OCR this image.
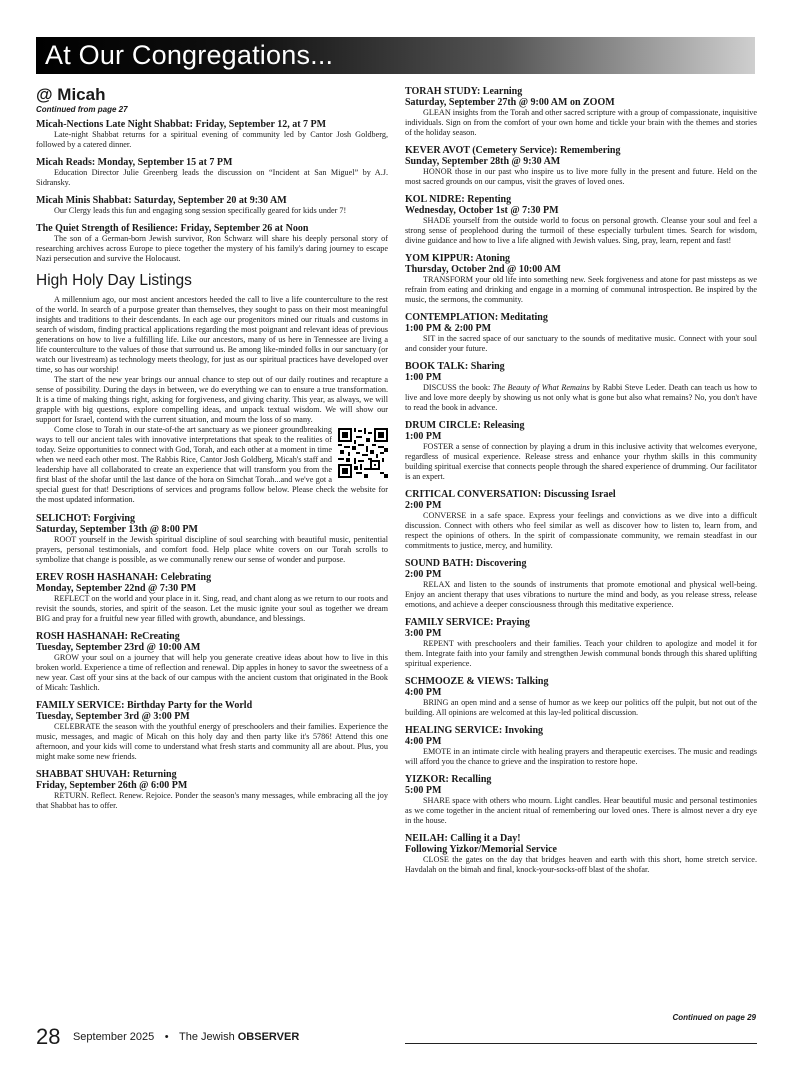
At Our Congregations...
@ Micah

Continued from page 27

Micah-Nections Late Night Shabbat: Friday, September 12, at 7 PM

Late-night Shabbat returns for a spiritual evening of community led by Cantor Josh Goldberg, followed by a catered dinner.

Micah Reads: Monday, September 15 at 7 PM

Education Director Julie Greenberg leads the discussion on “Incident at San Miguel” by A.J. Sidransky.

Micah Minis Shabbat: Saturday, September 20 at 9:30 AM

Our Clergy leads this fun and engaging song session specifically geared for kids under 7!

The Quiet Strength of Resilience: Friday, September 26 at Noon

The son of a German-born Jewish survivor, Ron Schwarz will share his deeply personal story of researching archives across Europe to piece together the mystery of his family's daring journey to escape Nazi persecution and survive the Holocaust.

High Holy Day Listings

A millennium ago, our most ancient ancestors heeded the call to live a life counterculture to the rest of the world. In search of a purpose greater than themselves, they sought to pass on their most meaningful insights and traditions to their descendants. In each age our progenitors mined our rituals and customs in search of wisdom, finding practical applications regarding the most poignant and relevant ideas of previous generations on how to live a fulfilling life. Like our ancestors, many of us here in Tennessee are living a life counterculture to the values of those that surround us. Be among like-minded folks in our sanctuary (or watch our livestream) as technology meets theology, for just as our spiritual practices have developed over time, so has our worship!

The start of the new year brings our annual chance to step out of our daily routines and recapture a sense of possibility. During the days in between, we do everything we can to ensure a true transformation. It is a time of making things right, asking for forgiveness, and giving charity. This year, as always, we will grapple with big questions, explore compelling ideas, and unpack textual wisdom. We will show our support for Israel, contend with the current situation, and mourn the loss of so many.

Come close to Torah in our state-of-the art sanctuary as we pioneer groundbreaking ways to tell our ancient tales with innovative interpretations that speak to the realities of today. Seize opportunities to connect with God, Torah, and each other at a moment in time when we need each other most. The Rabbis Rice, Cantor Josh Goldberg, Micah's staff and leadership have all collaborated to create an experience that will transform you from the first blast of the shofar until the last dance of the hora on Simchat Torah...and we've got a special guest for that! Descriptions of services and programs follow below. Please check the website for the most updated information.

SELICHOT: Forgiving

Saturday, September 13th @ 8:00 PM

ROOT yourself in the Jewish spiritual discipline of soul searching with beautiful music, penitential prayers, personal testimonials, and comfort food. Help place white covers on our Torah scrolls to symbolize that change is possible, as we communally renew our sense of wonder and purpose.

EREV ROSH HASHANAH: Celebrating

Monday, September 22nd @ 7:30 PM

REFLECT on the world and your place in it. Sing, read, and chant along as we return to our roots and revisit the sounds, stories, and spirit of the season. Let the music ignite your soul as together we dream BIG and pray for a fruitful new year filled with growth, abundance, and blessings.

ROSH HASHANAH: ReCreating

Tuesday, September 23rd @ 10:00 AM

GROW your soul on a journey that will help you generate creative ideas about how to live in this broken world. Experience a time of reflection and renewal. Dip apples in honey to savor the sweetness of a new year. Cast off your sins at the back of our campus with the ancient custom that originated in the Book of Micah: Tashlich.

FAMILY SERVICE: Birthday Party for the World

Tuesday, September 3rd @ 3:00 PM

CELEBRATE the season with the youthful energy of preschoolers and their families. Experience the music, messages, and magic of Micah on this holy day and then party like it's 5786! Attend this one afternoon, and your kids will come to understand what fresh starts and community all are about. Plus, you might make some new friends.

SHABBAT SHUVAH: Returning

Friday, September 26th @ 6:00 PM

RETURN. Reflect. Renew. Rejoice. Ponder the season's many messages, while embracing all the joy that Shabbat has to offer.

TORAH STUDY: Learning

Saturday, September 27th @ 9:00 AM on ZOOM

GLEAN insights from the Torah and other sacred scripture with a group of compassionate, inquisitive individuals. Sign on from the comfort of your own home and tickle your brain with the themes and stories of the holiday season.

KEVER AVOT (Cemetery Service): Remembering

Sunday, September 28th @ 9:30 AM

HONOR those in our past who inspire us to live more fully in the present and future. Held on the most sacred grounds on our campus, visit the graves of loved ones.

KOL NIDRE: Repenting

Wednesday, October 1st @ 7:30 PM

SHADE yourself from the outside world to focus on personal growth. Cleanse your soul and feel a strong sense of peoplehood during the turmoil of these especially turbulent times. Search for wisdom, divine guidance and how to live a life aligned with Jewish values. Sing, pray, learn, repent and fast!

YOM KIPPUR: Atoning

Thursday, October 2nd @ 10:00 AM

TRANSFORM your old life into something new. Seek forgiveness and atone for past missteps as we refrain from eating and drinking and engage in a morning of communal introspection. Be inspired by the music, the sermons, the community.

CONTEMPLATION: Meditating

1:00 PM & 2:00 PM

SIT in the sacred space of our sanctuary to the sounds of meditative music. Connect with your soul and consider your future.

BOOK TALK: Sharing

1:00 PM

DISCUSS the book: The Beauty of What Remains by Rabbi Steve Leder. Death can teach us how to live and love more deeply by showing us not only what is gone but also what remains? No, you don't have to read the book in advance.

DRUM CIRCLE: Releasing

1:00 PM

FOSTER a sense of connection by playing a drum in this inclusive activity that welcomes everyone, regardless of musical experience. Release stress and enhance your rhythm skills in this community building spiritual exercise that connects people through the shared experience of drumming. Our facilitator is an expert.

CRITICAL CONVERSATION: Discussing Israel

2:00 PM

CONVERSE in a safe space. Express your feelings and convictions as we dive into a difficult discussion. Connect with others who feel similar as well as discover how to listen to, learn from, and respect the opinions of others. In the spirit of compassionate community, we remain steadfast in our commitments to justice, mercy, and humility.

SOUND BATH: Discovering

2:00 PM

RELAX and listen to the sounds of instruments that promote emotional and physical well-being. Enjoy an ancient therapy that uses vibrations to nurture the mind and body, as you release stress, release emotions, and achieve a deeper consciousness through this meditative experience.

FAMILY SERVICE: Praying

3:00 PM

REPENT with preschoolers and their families. Teach your children to apologize and model it for them. Integrate faith into your family and strengthen Jewish communal bonds through this shared uplifting spiritual experience.

SCHMOOZE & VIEWS: Talking

4:00 PM

BRING an open mind and a sense of humor as we keep our politics off the pulpit, but not out of the building. All opinions are welcomed at this lay-led political discussion.

HEALING SERVICE: Invoking

4:00 PM

EMOTE in an intimate circle with healing prayers and therapeutic exercises. The music and readings will afford you the chance to grieve and the inspiration to restore hope.

YIZKOR: Recalling

5:00 PM

SHARE space with others who mourn. Light candles. Hear beautiful music and personal testimonies as we come together in the ancient ritual of remembering our loved ones. There is almost never a dry eye in the house.

NEILAH: Calling it a Day!

Following Yizkor/Memorial Service

CLOSE the gates on the day that bridges heaven and earth with this short, home stretch service. Havdalah on the bimah and final, knock-your-socks-off blast of the shofar.

Continued on page 29
28 September 2025 • The Jewish OBSERVER
